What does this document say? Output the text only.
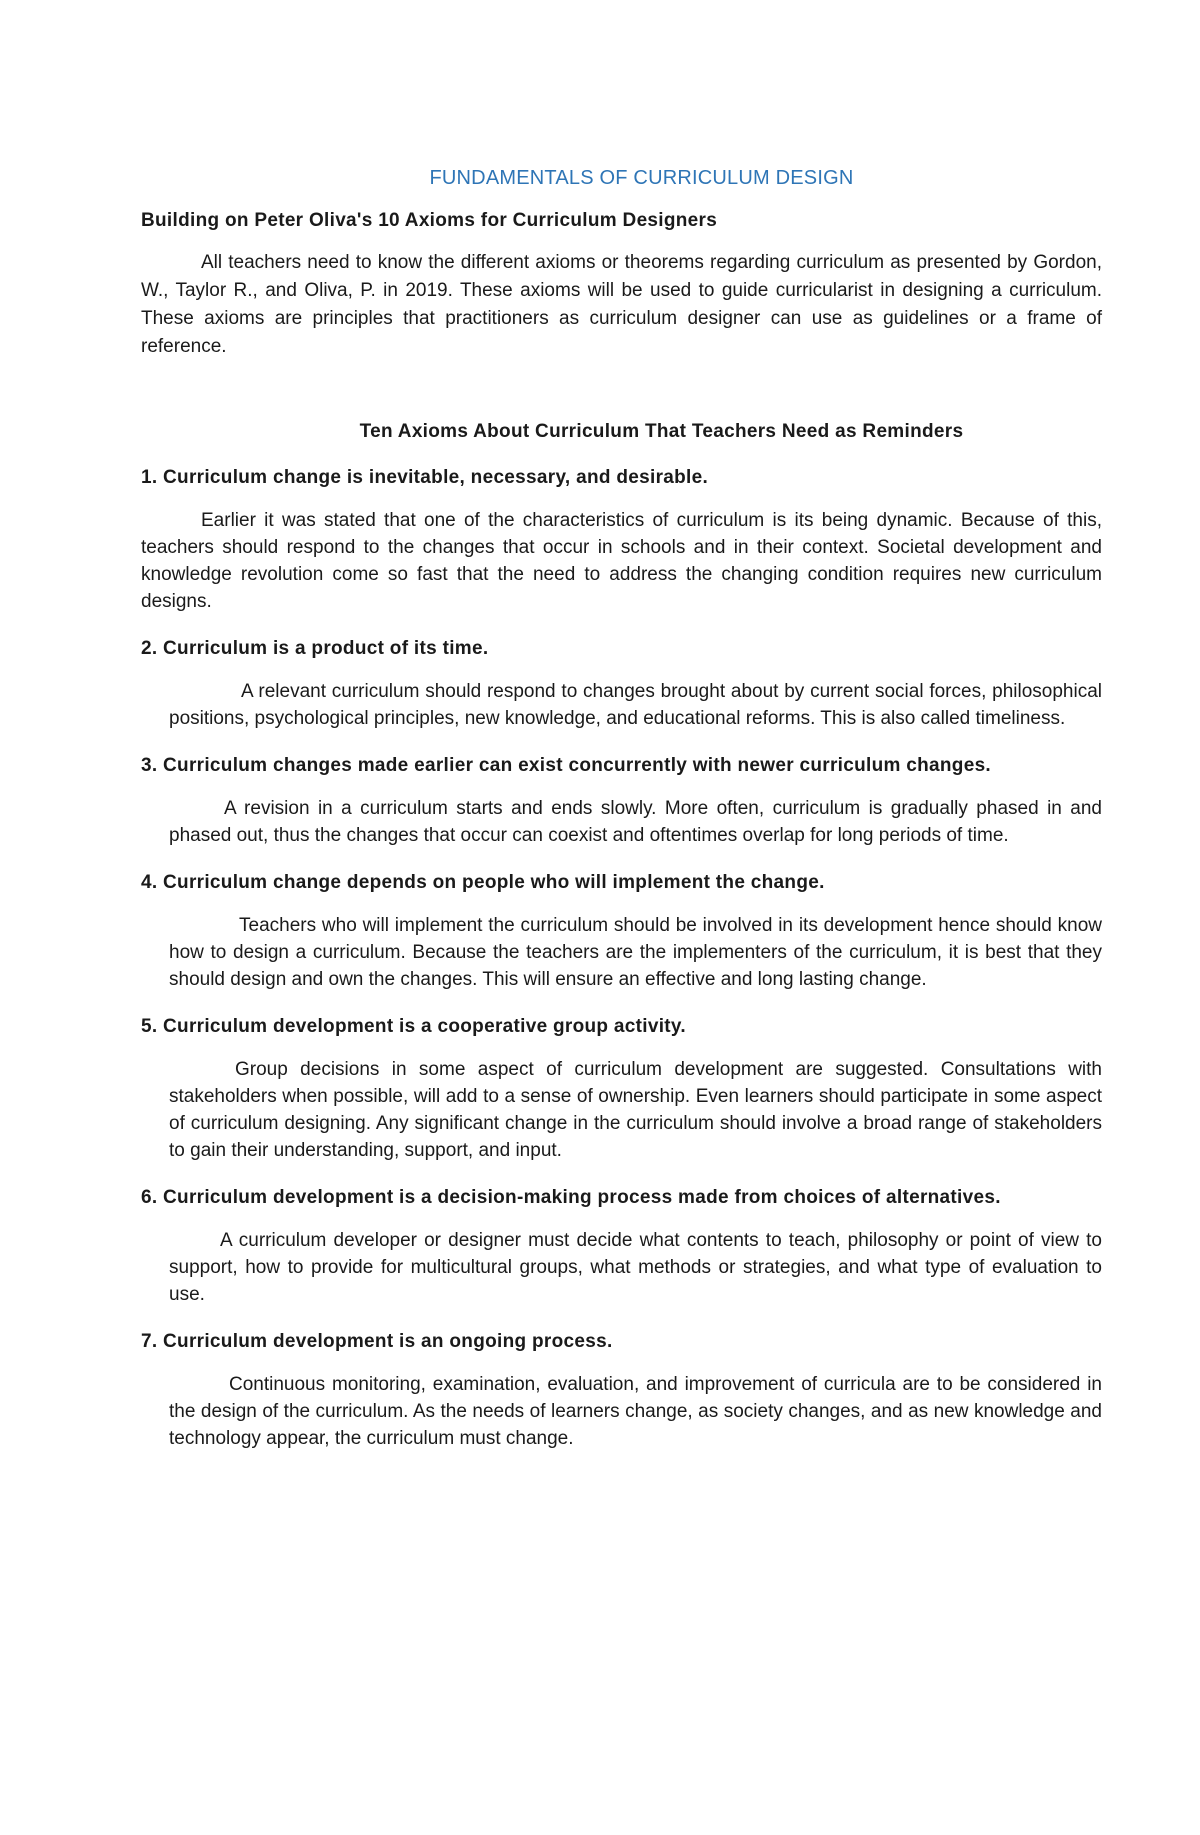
FUNDAMENTALS OF CURRICULUM DESIGN
Building on Peter Oliva's 10 Axioms for Curriculum Designers

All teachers need to know the different axioms or theorems regarding curriculum as presented by Gordon, W., Taylor R., and Oliva, P. in 2019. These axioms will be used to guide curricularist in designing a curriculum. These axioms are principles that practitioners as curriculum designer can use as guidelines or a frame of reference.

Ten Axioms About Curriculum That Teachers Need as Reminders
1. Curriculum change is inevitable, necessary, and desirable.

Earlier it was stated that one of the characteristics of curriculum is its being dynamic. Because of this, teachers should respond to the changes that occur in schools and in their context. Societal development and knowledge revolution come so fast that the need to address the changing condition requires new curriculum designs.

2. Curriculum is a product of its time.

A relevant curriculum should respond to changes brought about by current social forces, philosophical positions, psychological principles, new knowledge, and educational reforms. This is also called timeliness.

3. Curriculum changes made earlier can exist concurrently with newer curriculum changes.

A revision in a curriculum starts and ends slowly. More often, curriculum is gradually phased in and phased out, thus the changes that occur can coexist and oftentimes overlap for long periods of time.

4. Curriculum change depends on people who will implement the change.

Teachers who will implement the curriculum should be involved in its development hence should know how to design a curriculum. Because the teachers are the implementers of the curriculum, it is best that they should design and own the changes. This will ensure an effective and long lasting change.

5. Curriculum development is a cooperative group activity.

Group decisions in some aspect of curriculum development are suggested. Consultations with stakeholders when possible, will add to a sense of ownership. Even learners should participate in some aspect of curriculum designing. Any significant change in the curriculum should involve a broad range of stakeholders to gain their understanding, support, and input.

6. Curriculum development is a decision-making process made from choices of alternatives.

A curriculum developer or designer must decide what contents to teach, philosophy or point of view to support, how to provide for multicultural groups, what methods or strategies, and what type of evaluation to use.

7. Curriculum development is an ongoing process.

Continuous monitoring, examination, evaluation, and improvement of curricula are to be considered in the design of the curriculum. As the needs of learners change, as society changes, and as new knowledge and technology appear, the curriculum must change.
